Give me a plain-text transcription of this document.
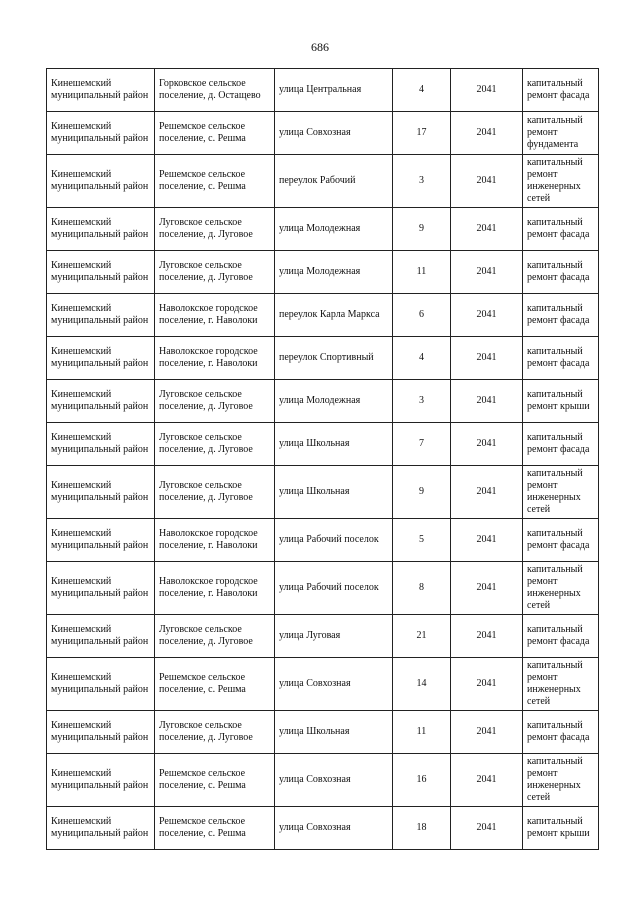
686
Кинешемский муниципальный район	Горковское сельское поселение, д. Остащево	улица Центральная	4	2041	капитальный ремонт фасада
Кинешемский муниципальный район	Решемское сельское поселение, с. Решма	улица Совхозная	17	2041	капитальный ремонт фундамента
Кинешемский муниципальный район	Решемское сельское поселение, с. Решма	переулок Рабочий	3	2041	капитальный ремонт инженерных сетей
Кинешемский муниципальный район	Луговское сельское поселение, д. Луговое	улица Молодежная	9	2041	капитальный ремонт фасада
Кинешемский муниципальный район	Луговское сельское поселение, д. Луговое	улица Молодежная	11	2041	капитальный ремонт фасада
Кинешемский муниципальный район	Наволокское городское поселение, г. Наволоки	переулок Карла Маркса	6	2041	капитальный ремонт фасада
Кинешемский муниципальный район	Наволокское городское поселение, г. Наволоки	переулок Спортивный	4	2041	капитальный ремонт фасада
Кинешемский муниципальный район	Луговское сельское поселение, д. Луговое	улица Молодежная	3	2041	капитальный ремонт крыши
Кинешемский муниципальный район	Луговское сельское поселение, д. Луговое	улица Школьная	7	2041	капитальный ремонт фасада
Кинешемский муниципальный район	Луговское сельское поселение, д. Луговое	улица Школьная	9	2041	капитальный ремонт инженерных сетей
Кинешемский муниципальный район	Наволокское городское поселение, г. Наволоки	улица Рабочий поселок	5	2041	капитальный ремонт фасада
Кинешемский муниципальный район	Наволокское городское поселение, г. Наволоки	улица Рабочий поселок	8	2041	капитальный ремонт инженерных сетей
Кинешемский муниципальный район	Луговское сельское поселение, д. Луговое	улица Луговая	21	2041	капитальный ремонт фасада
Кинешемский муниципальный район	Решемское сельское поселение, с. Решма	улица Совхозная	14	2041	капитальный ремонт инженерных сетей
Кинешемский муниципальный район	Луговское сельское поселение, д. Луговое	улица Школьная	11	2041	капитальный ремонт фасада
Кинешемский муниципальный район	Решемское сельское поселение, с. Решма	улица Совхозная	16	2041	капитальный ремонт инженерных сетей
Кинешемский муниципальный район	Решемское сельское поселение, с. Решма	улица Совхозная	18	2041	капитальный ремонт крыши
